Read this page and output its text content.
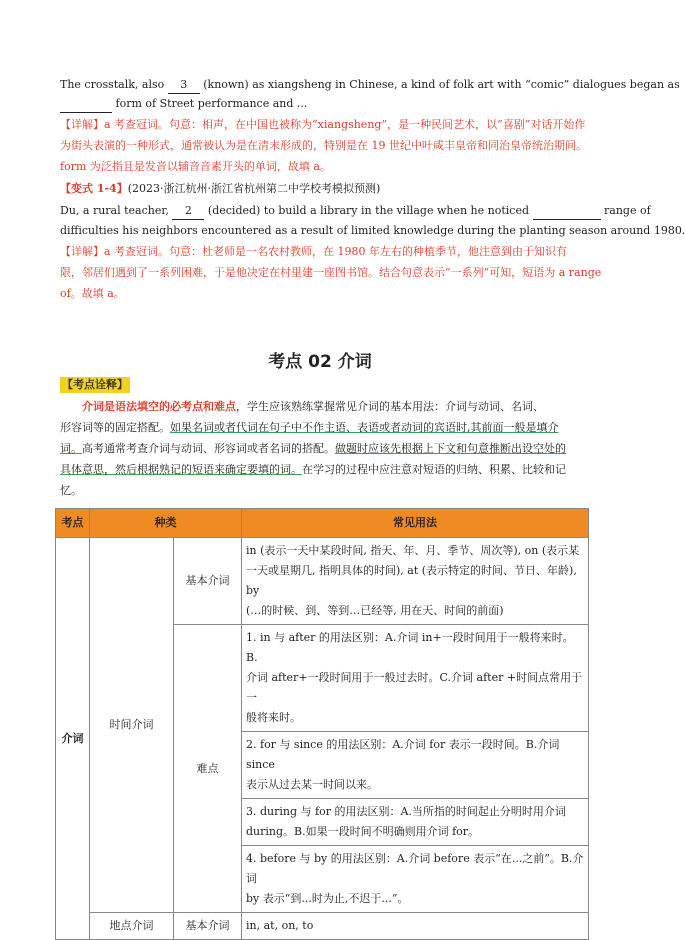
The crosstalk, also 3 (known) as xiangsheng in Chinese, a kind of folk art with “comic” dialogues began as
form of Street performance and ...
【详解】a 考查冠词。句意：相声，在中国也被称为“xiangsheng”，是一种民间艺术，以“喜剧”对话开始作
为街头表演的一种形式，通常被认为是在清末形成的，特别是在 19 世纪中叶咸丰皇帝和同治皇帝统治期间。
form 为泛指且是发音以辅音音素开头的单词，故填 a。
【变式 1-4】(2023·浙江杭州·浙江省杭州第二中学校考模拟预测)
Du, a rural teacher, 2 (decided) to build a library in the village when he noticed	range of
difficulties his neighbors encountered as a result of limited knowledge during the planting season around 1980.
【详解】a 考查冠词。句意：杜老师是一名农村教师，在 1980 年左右的种植季节，他注意到由于知识有
限，邻居们遇到了一系列困难，于是他决定在村里建一座图书馆。结合句意表示“一系列”可知，短语为 a range
of。故填 a。
考点 02 介词
【考点诠释】
介词是语法填空的必考点和难点，学生应该熟练掌握常见介词的基本用法：介词与动词、名词、
形容词等的固定搭配。如果名词或者代词在句子中不作主语、表语或者动词的宾语时,其前面一般是填介
词。高考通常考查介词与动词、形容词或者名词的搭配。做题时应该先根据上下文和句意推断出设空处的
具体意思，然后根据熟记的短语来确定要填的词。在学习的过程中应注意对短语的归纳、积累、比较和记
忆。
考点	种类		常见用法
介词	时间介词	基本介词	in (表示一天中某段时间, 指天、年、月、季节、周次等), on (表示某
一天或星期几, 指明具体的时间), at (表示特定的时间、节日、年龄), by
(…的时候、到、等到…已经等, 用在天、时间的前面)

		难点	1. in 与 after 的用法区别：A.介词 in+一段时间用于一般将来时。B.
介词 after+一段时间用于一般过去时。C.介词 after +时间点常用于一
般将来时。

			2. for 与 since 的用法区别：A.介词 for 表示一段时间。B.介词 since
表示从过去某一时间以来。

			3. during 与 for 的用法区别：A.当所指的时间起止分明时用介词
during。B.如果一段时间不明确则用介词 for。

			4. before 与 by 的用法区别：A.介词 before 表示“在...之前”。B.介词
by 表示“到...时为止,不迟于...”。

	地点介词	基本介词	in, at, on, to
